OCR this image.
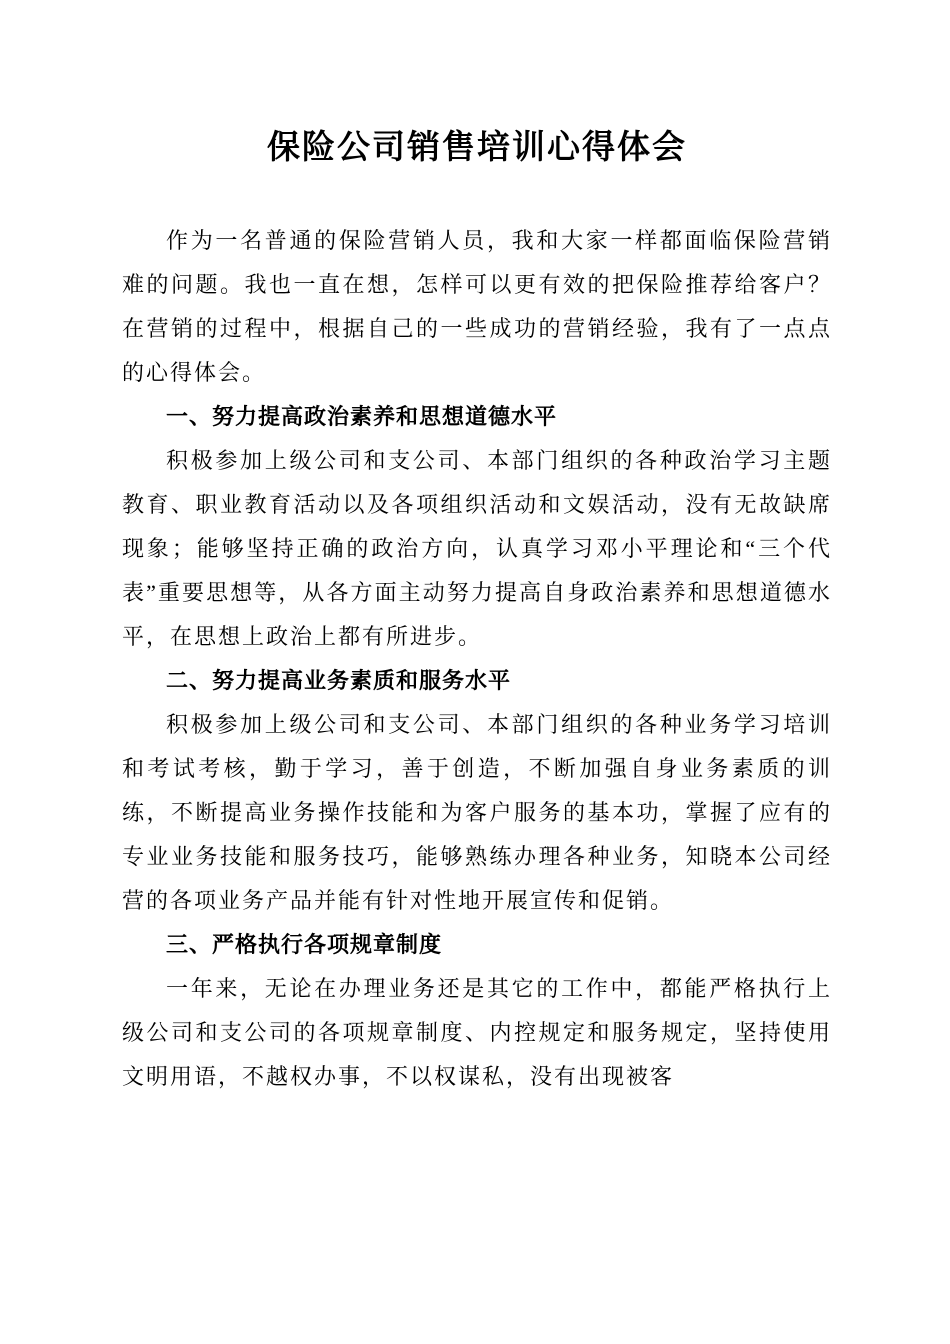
保险公司销售培训心得体会

作为一名普通的保险营销人员，我和大家一样都面临保险营销难的问题。我也一直在想，怎样可以更有效的把保险推荐给客户？在营销的过程中，根据自己的一些成功的营销经验，我有了一点点的心得体会。

一、努力提高政治素养和思想道德水平

积极参加上级公司和支公司、本部门组织的各种政治学习主题教育、职业教育活动以及各项组织活动和文娱活动，没有无故缺席现象；能够坚持正确的政治方向，认真学习邓小平理论和“三个代表”重要思想等，从各方面主动努力提高自身政治素养和思想道德水平，在思想上政治上都有所进步。

二、努力提高业务素质和服务水平

积极参加上级公司和支公司、本部门组织的各种业务学习培训和考试考核，勤于学习，善于创造，不断加强自身业务素质的训练，不断提高业务操作技能和为客户服务的基本功，掌握了应有的专业业务技能和服务技巧，能够熟练办理各种业务，知晓本公司经营的各项业务产品并能有针对性地开展宣传和促销。

三、严格执行各项规章制度

一年来，无论在办理业务还是其它的工作中，都能严格执行上级公司和支公司的各项规章制度、内控规定和服务规定，坚持使用文明用语，不越权办事，不以权谋私，没有出现被客
